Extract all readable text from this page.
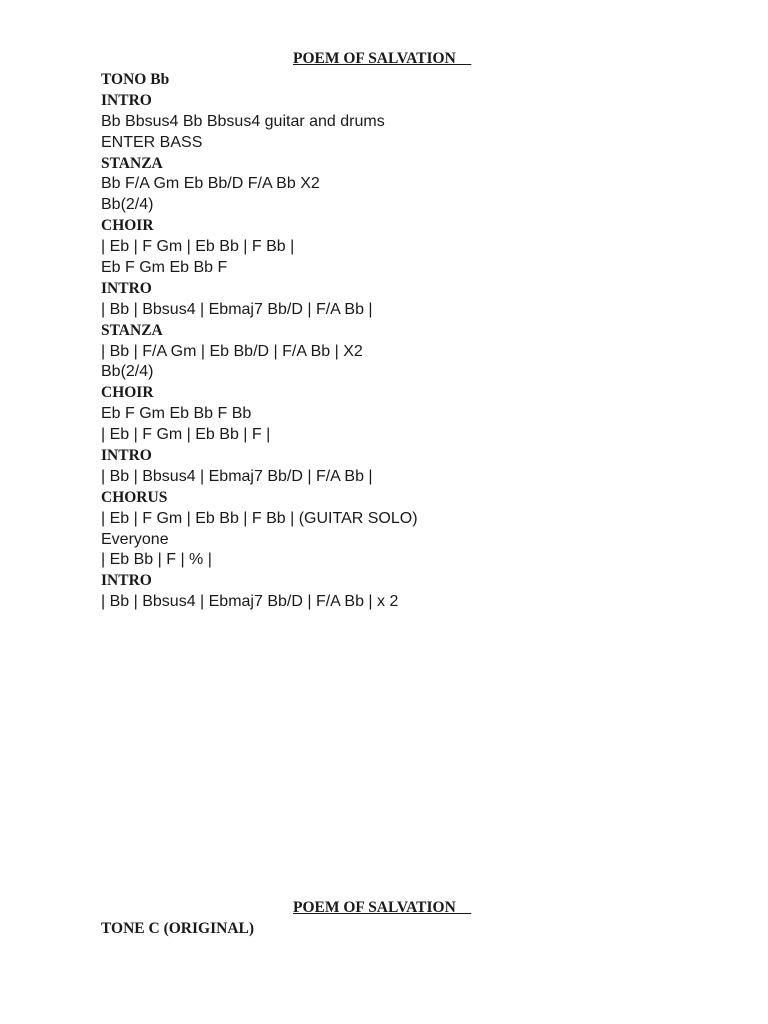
POEM OF SALVATION
TONO Bb
INTRO
Bb Bbsus4 Bb Bbsus4 guitar and drums
ENTER BASS
STANZA
Bb F/A Gm Eb Bb/D F/A Bb X2
Bb(2/4)
CHOIR
| Eb | F Gm | Eb Bb | F Bb |
Eb F Gm Eb Bb F
INTRO
| Bb | Bbsus4 | Ebmaj7 Bb/D | F/A Bb |
STANZA
| Bb | F/A Gm | Eb Bb/D | F/A Bb | X2
Bb(2/4)
CHOIR
Eb F Gm Eb Bb F Bb
| Eb | F Gm | Eb Bb | F |
INTRO
| Bb | Bbsus4 | Ebmaj7 Bb/D | F/A Bb |
CHORUS
| Eb | F Gm | Eb Bb | F Bb | (GUITAR SOLO)
Everyone
| Eb Bb | F | % |
INTRO
| Bb | Bbsus4 | Ebmaj7 Bb/D | F/A Bb | x 2
POEM OF SALVATION
TONE C (ORIGINAL)
